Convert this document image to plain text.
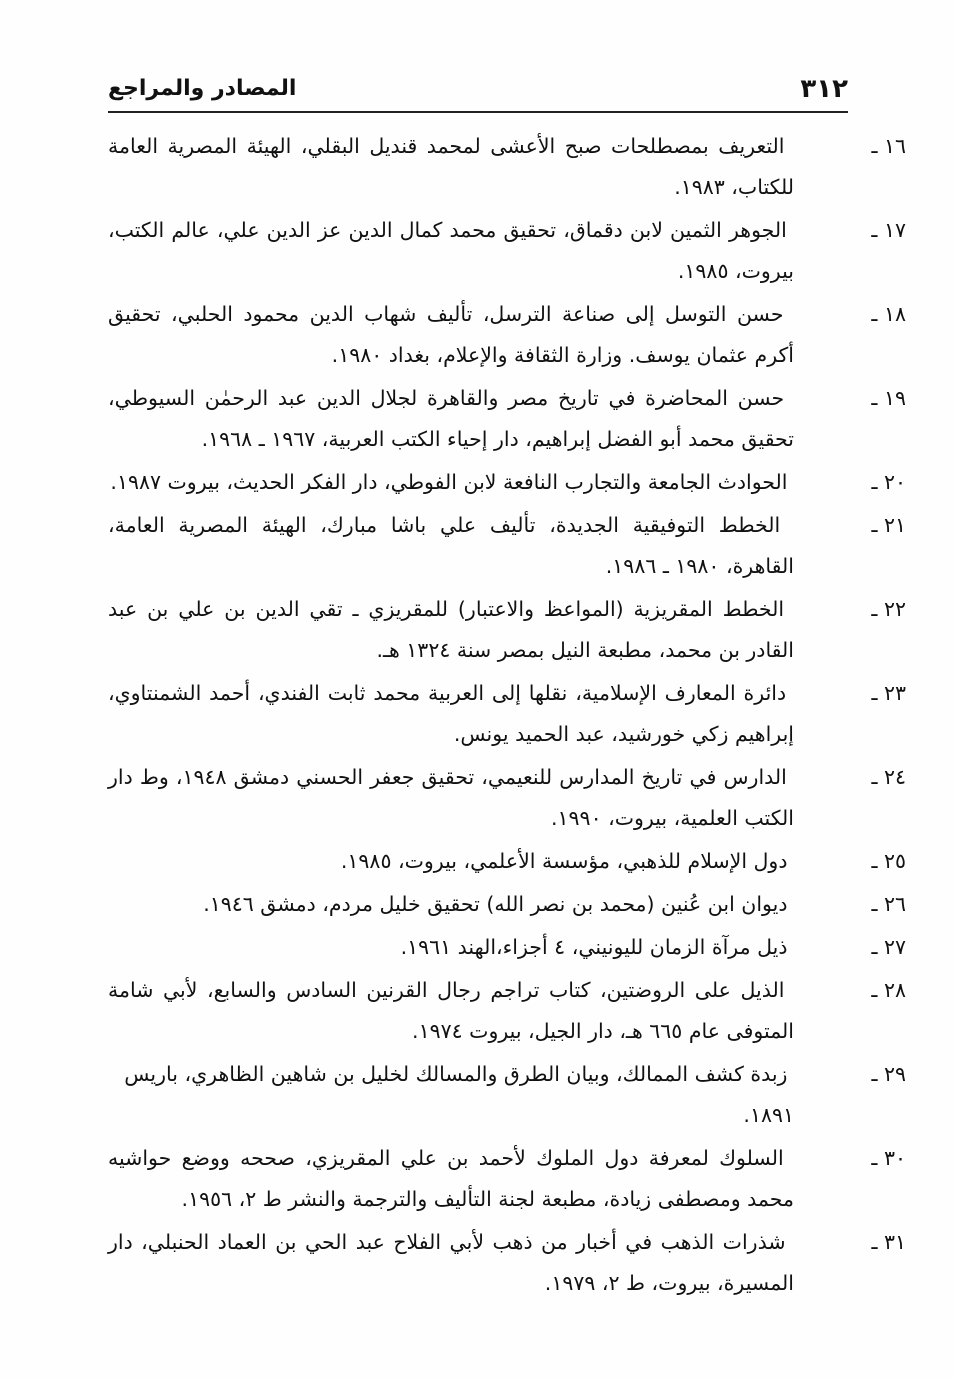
٣١٢
المصادر والمراجع
١٦ ـ التعريف بمصطلحات صبح الأعشى لمحمد قنديل البقلي، الهيئة المصرية العامة للكتاب، ١٩٨٣.
١٧ ـ الجوهر الثمين لابن دقماق، تحقيق محمد كمال الدين عز الدين علي، عالم الكتب، بيروت، ١٩٨٥.
١٨ ـ حسن التوسل إلى صناعة الترسل، تأليف شهاب الدين محمود الحلبي، تحقيق أكرم عثمان يوسف. وزارة الثقافة والإعلام، بغداد ١٩٨٠.
١٩ ـ حسن المحاضرة في تاريخ مصر والقاهرة لجلال الدين عبد الرحمٰن السيوطي، تحقيق محمد أبو الفضل إبراهيم، دار إحياء الكتب العربية، ١٩٦٧ ـ ١٩٦٨.
٢٠ ـ الحوادث الجامعة والتجارب النافعة لابن الفوطي، دار الفكر الحديث، بيروت ١٩٨٧.
٢١ ـ الخطط التوفيقية الجديدة، تأليف علي باشا مبارك، الهيئة المصرية العامة، القاهرة، ١٩٨٠ ـ ١٩٨٦.
٢٢ ـ الخطط المقريزية (المواعظ والاعتبار) للمقريزي ـ تقي الدين بن علي بن عبد القادر بن محمد، مطبعة النيل بمصر سنة ١٣٢٤ هـ.
٢٣ ـ دائرة المعارف الإسلامية، نقلها إلى العربية محمد ثابت الفندي، أحمد الشمنتاوي، إبراهيم زكي خورشيد، عبد الحميد يونس.
٢٤ ـ الدارس في تاريخ المدارس للنعيمي، تحقيق جعفر الحسني دمشق ١٩٤٨، وط دار الكتب العلمية، بيروت، ١٩٩٠.
٢٥ ـ دول الإسلام للذهبي، مؤسسة الأعلمي، بيروت، ١٩٨٥.
٢٦ ـ ديوان ابن عُنين (محمد بن نصر الله) تحقيق خليل مردم، دمشق ١٩٤٦.
٢٧ ـ ذيل مرآة الزمان لليونيني، ٤ أجزاء،الهند ١٩٦١.
٢٨ ـ الذيل على الروضتين، كتاب تراجم رجال القرنين السادس والسابع، لأبي شامة المتوفى عام ٦٦٥ هـ، دار الجيل، بيروت ١٩٧٤.
٢٩ ـ زبدة كشف الممالك، وبيان الطرق والمسالك لخليل بن شاهين الظاهري، باريس ١٨٩١.
٣٠ ـ السلوك لمعرفة دول الملوك لأحمد بن علي المقريزي، صححه ووضع حواشيه محمد ومصطفى زيادة، مطبعة لجنة التأليف والترجمة والنشر ط ٢، ١٩٥٦.
٣١ ـ شذرات الذهب في أخبار من ذهب لأبي الفلاح عبد الحي بن العماد الحنبلي، دار المسيرة، بيروت، ط ٢، ١٩٧٩.
